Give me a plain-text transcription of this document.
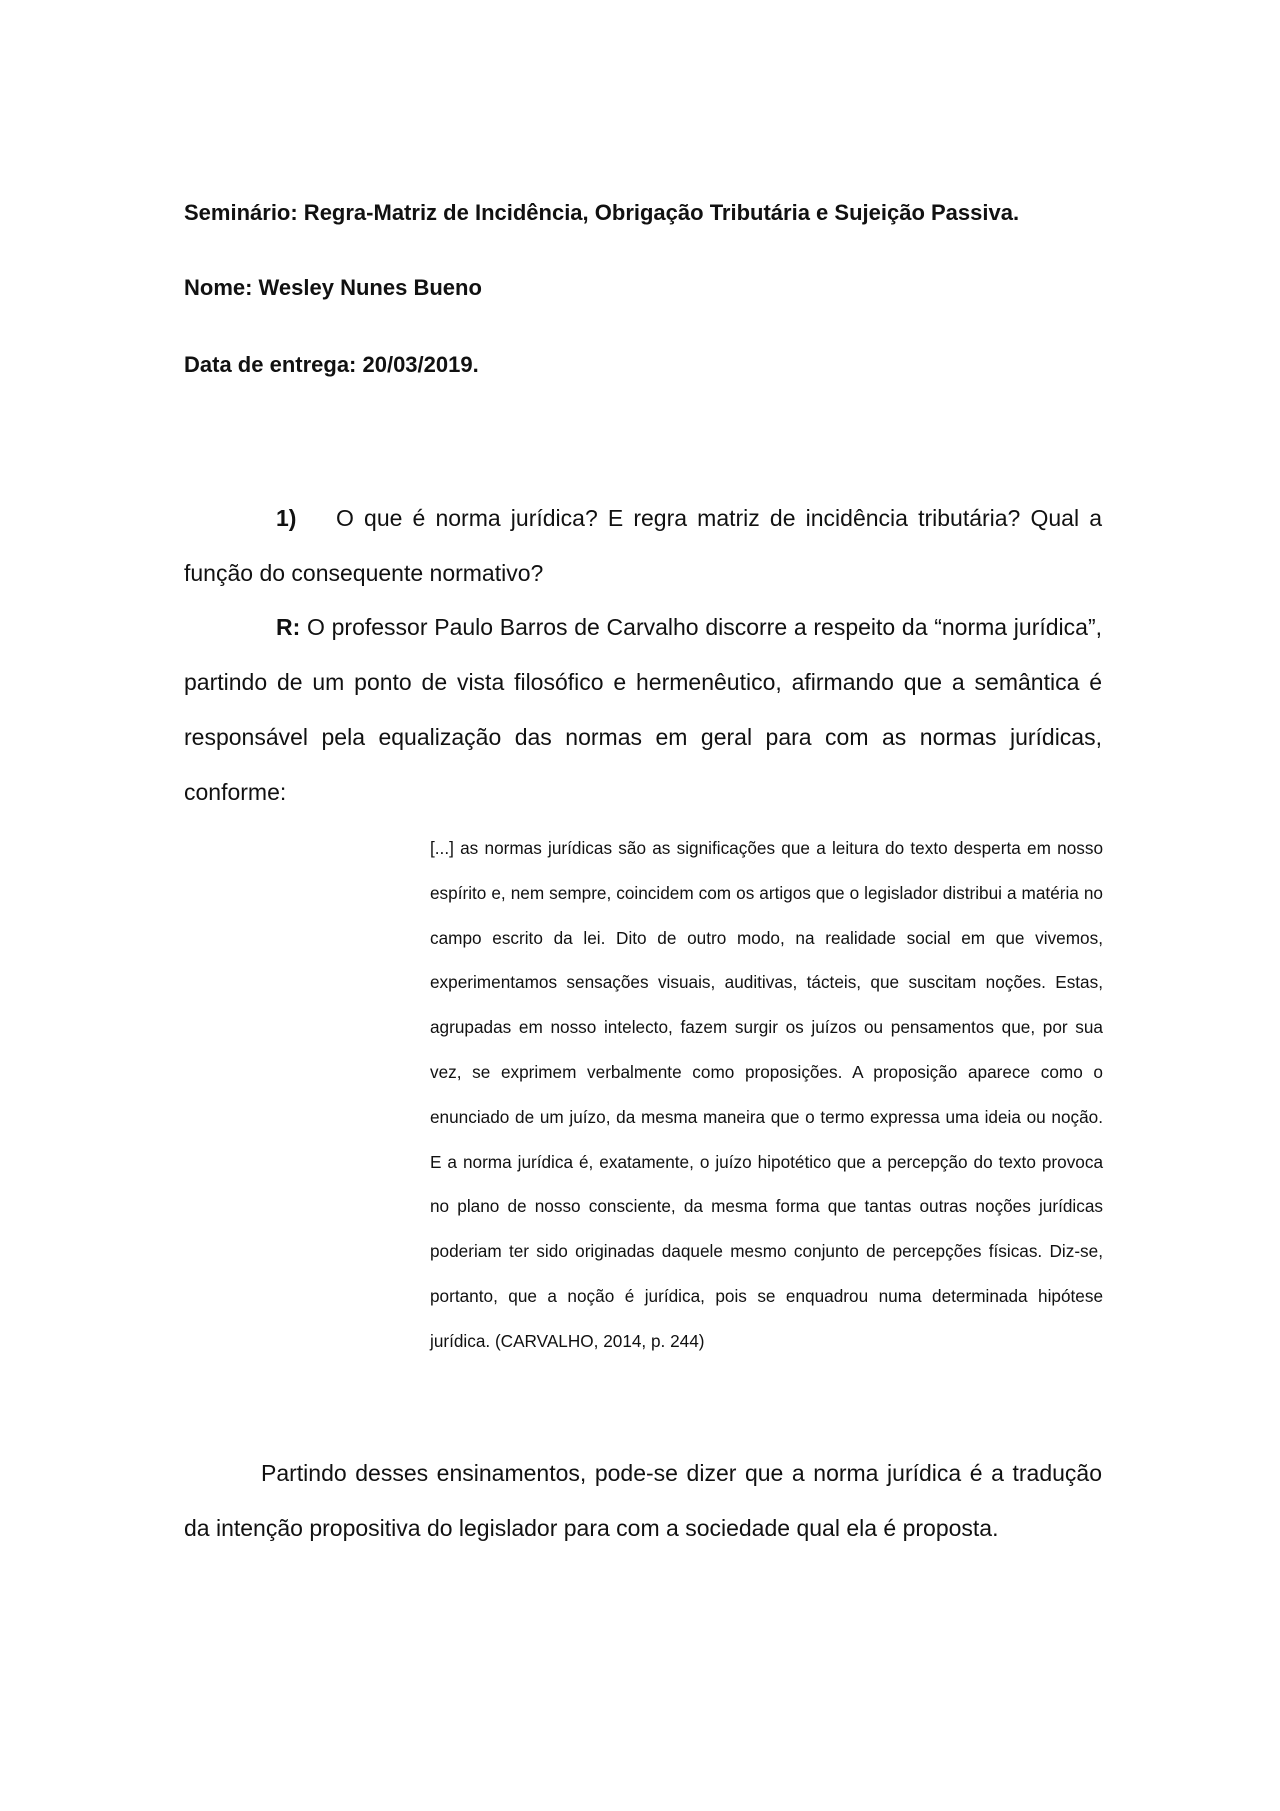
Seminário: Regra-Matriz de Incidência, Obrigação Tributária e Sujeição Passiva.
Nome: Wesley Nunes Bueno
Data de entrega: 20/03/2019.
1) O que é norma jurídica? E regra matriz de incidência tributária? Qual a função do consequente normativo?
R: O professor Paulo Barros de Carvalho discorre a respeito da “norma jurídica”, partindo de um ponto de vista filosófico e hermenêutico, afirmando que a semântica é responsável pela equalização das normas em geral para com as normas jurídicas, conforme:
[...] as normas jurídicas são as significações que a leitura do texto desperta em nosso espírito e, nem sempre, coincidem com os artigos que o legislador distribui a matéria no campo escrito da lei. Dito de outro modo, na realidade social em que vivemos, experimentamos sensações visuais, auditivas, tácteis, que suscitam noções. Estas, agrupadas em nosso intelecto, fazem surgir os juízos ou pensamentos que, por sua vez, se exprimem verbalmente como proposições. A proposição aparece como o enunciado de um juízo, da mesma maneira que o termo expressa uma ideia ou noção. E a norma jurídica é, exatamente, o juízo hipotético que a percepção do texto provoca no plano de nosso consciente, da mesma forma que tantas outras noções jurídicas poderiam ter sido originadas daquele mesmo conjunto de percepções físicas. Diz-se, portanto, que a noção é jurídica, pois se enquadrou numa determinada hipótese jurídica. (CARVALHO, 2014, p. 244)
Partindo desses ensinamentos, pode-se dizer que a norma jurídica é a tradução da intenção propositiva do legislador para com a sociedade qual ela é proposta.
